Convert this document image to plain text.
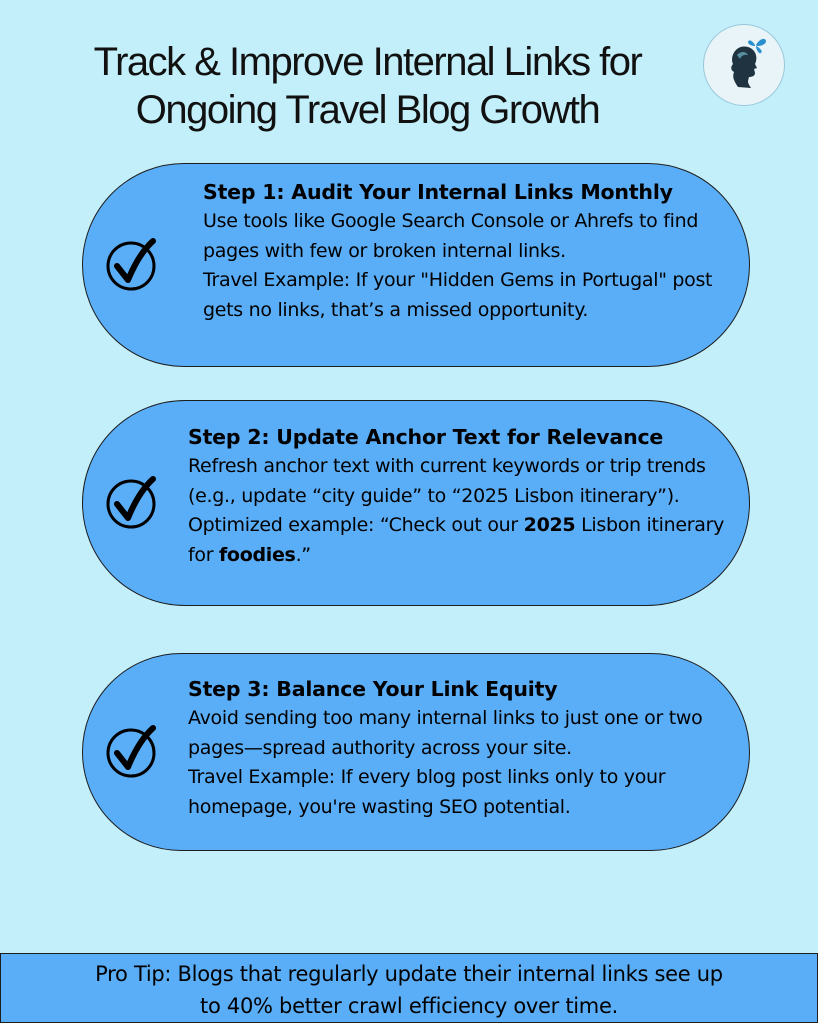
Track & Improve Internal Links for
Ongoing Travel Blog Growth
Step 1: Audit Your Internal Links Monthly

Use tools like Google Search Console or Ahrefs to find pages with few or broken internal links.

Travel Example: If your "Hidden Gems in Portugal" post gets no links, that’s a missed opportunity.

Step 2: Update Anchor Text for Relevance

Refresh anchor text with current keywords or trip trends (e.g., update “city guide” to “2025 Lisbon itinerary”).

Optimized example: “Check out our 2025 Lisbon itinerary for foodies.”

Step 3: Balance Your Link Equity

Avoid sending too many internal links to just one or two pages—spread authority across your site.

Travel Example: If every blog post links only to your homepage, you're wasting SEO potential.

Pro Tip: Blogs that regularly update their internal links see up
to 40% better crawl efficiency over time.
